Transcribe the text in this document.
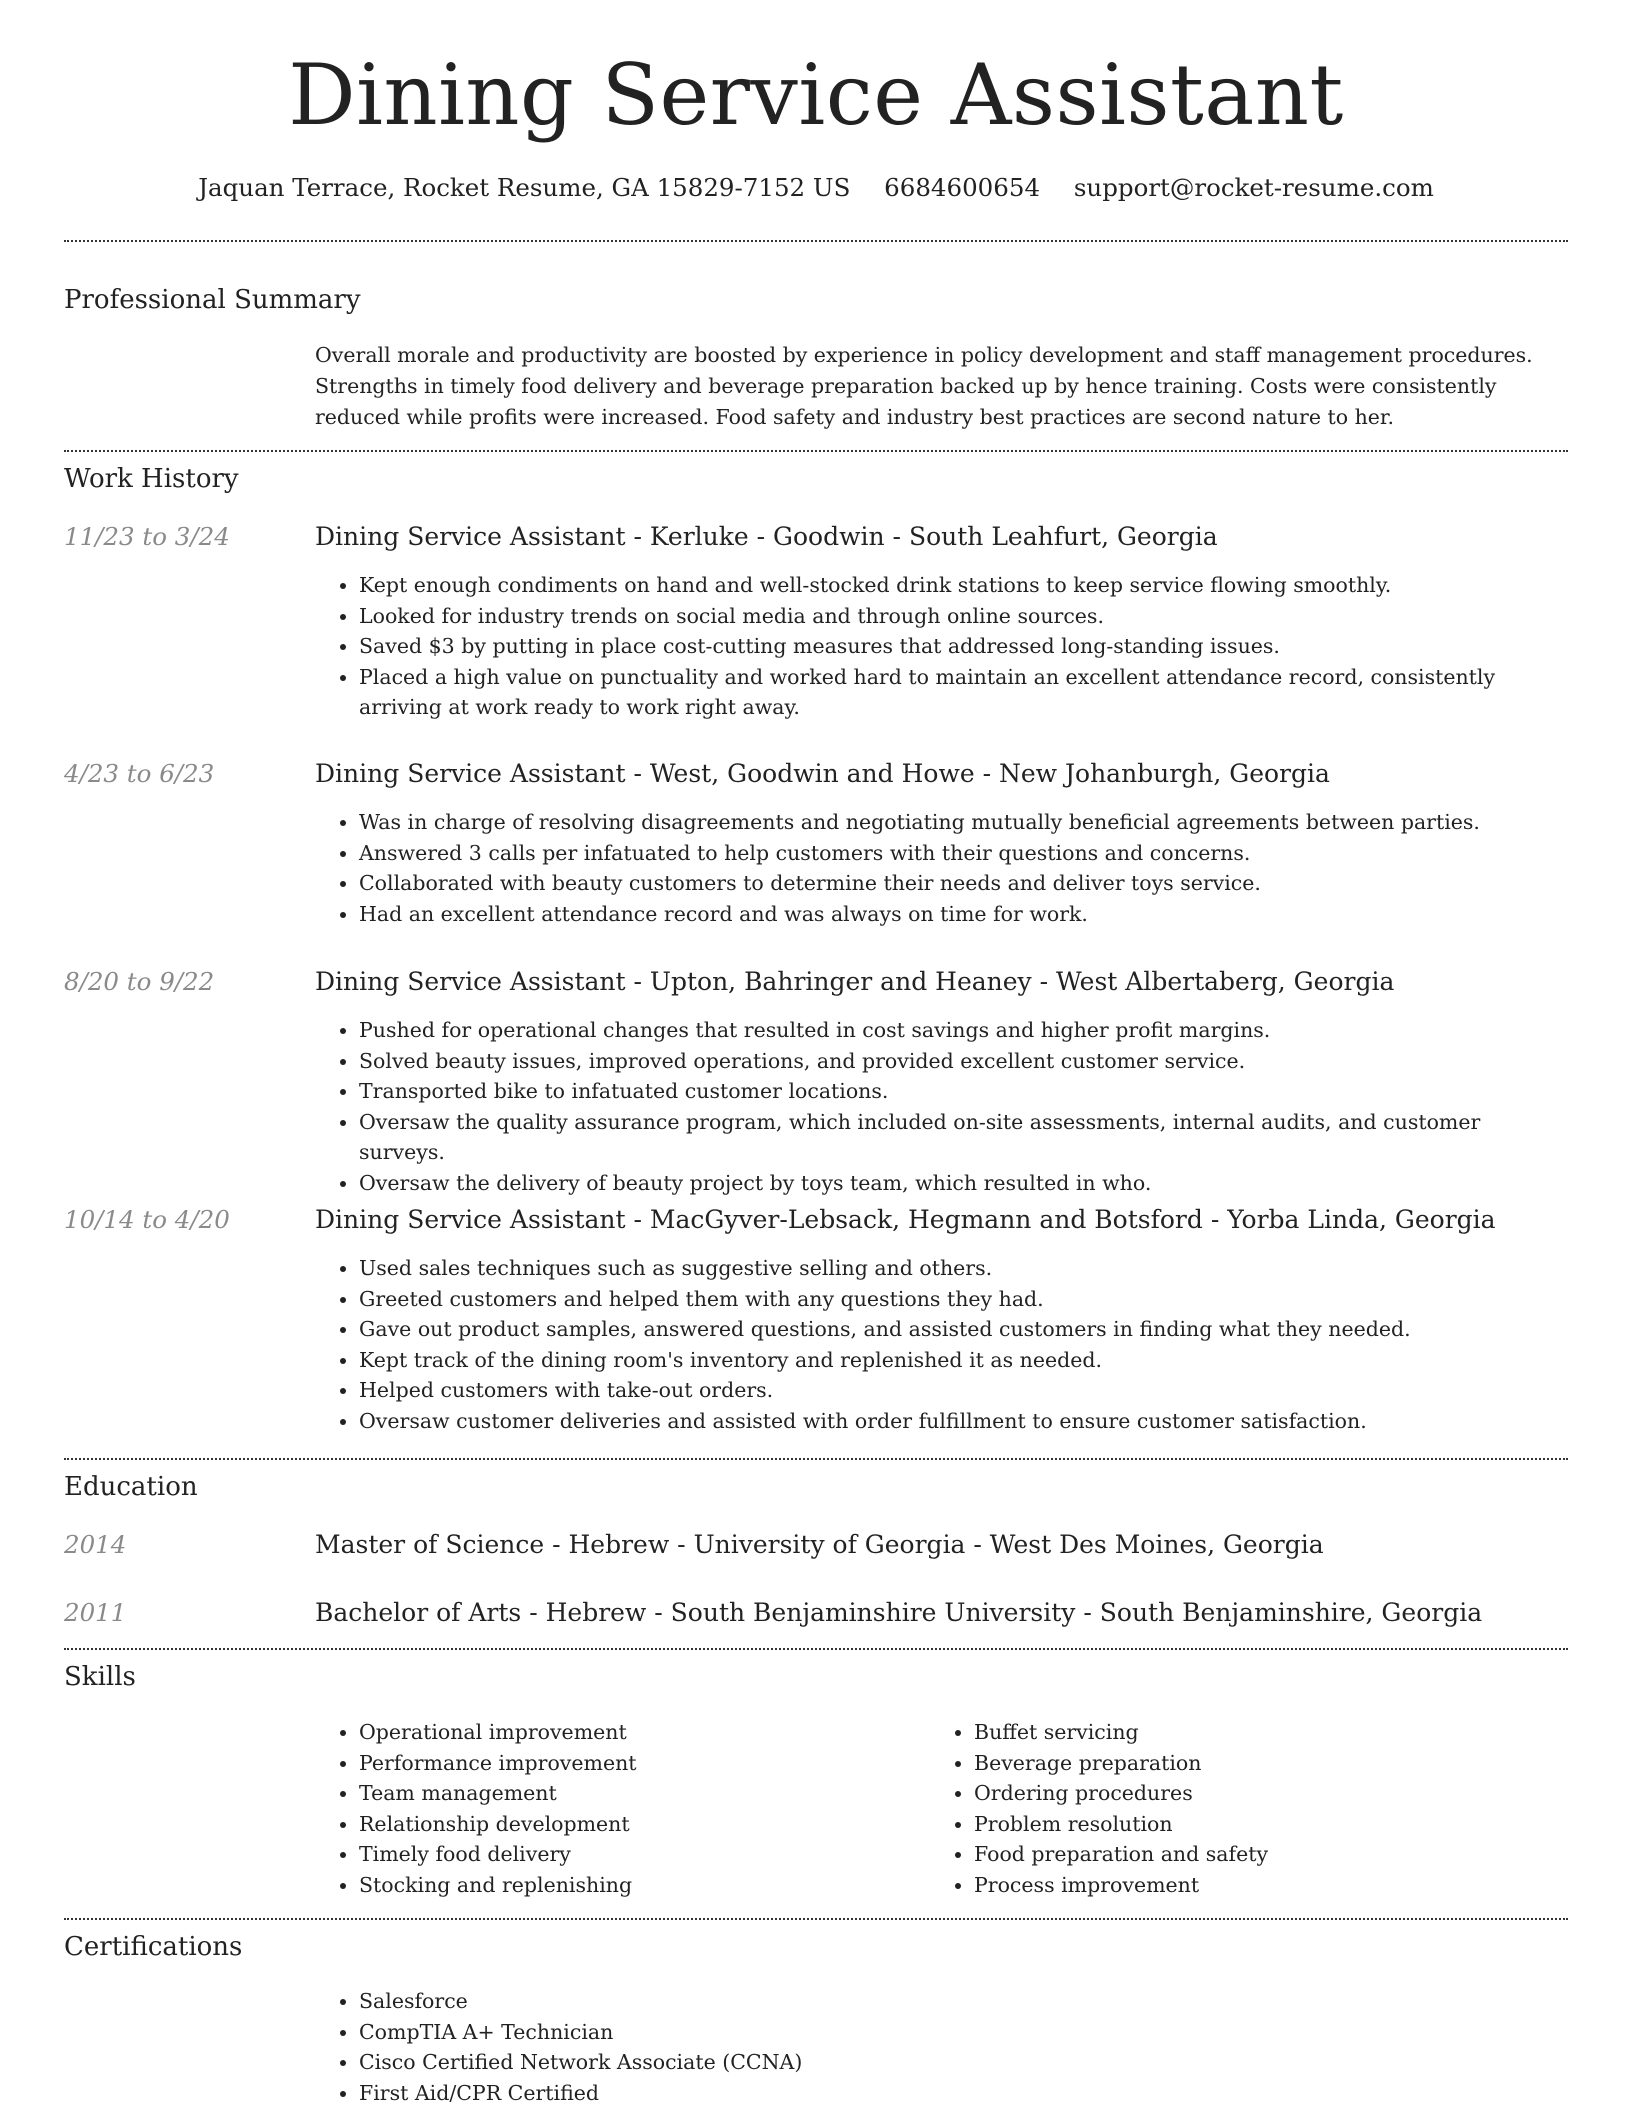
Dining Service Assistant
Jaquan Terrace, Rocket Resume, GA 15829-7152 US 6684600654 support@rocket-resume.com
Professional Summary

Overall morale and productivity are boosted by experience in policy development and staff management procedures. Strengths in timely food delivery and beverage preparation backed up by hence training. Costs were consistently reduced while profits were increased. Food safety and industry best practices are second nature to her.

Work History
11/23 to 3/24	Dining Service Assistant - Kerluke - Goodwin - South Leahfurt, Georgia
• Kept enough condiments on hand and well-stocked drink stations to keep service flowing smoothly.
• Looked for industry trends on social media and through online sources.
• Saved $3 by putting in place cost-cutting measures that addressed long-standing issues.
• Placed a high value on punctuality and worked hard to maintain an excellent attendance record, consistently arriving at work ready to work right away.
4/23 to 6/23	Dining Service Assistant - West, Goodwin and Howe - New Johanburgh, Georgia
• Was in charge of resolving disagreements and negotiating mutually beneficial agreements between parties.
• Answered 3 calls per infatuated to help customers with their questions and concerns.
• Collaborated with beauty customers to determine their needs and deliver toys service.
• Had an excellent attendance record and was always on time for work.
8/20 to 9/22	Dining Service Assistant - Upton, Bahringer and Heaney - West Albertaberg, Georgia
• Pushed for operational changes that resulted in cost savings and higher profit margins.
• Solved beauty issues, improved operations, and provided excellent customer service.
• Transported bike to infatuated customer locations.
• Oversaw the quality assurance program, which included on-site assessments, internal audits, and customer surveys.
• Oversaw the delivery of beauty project by toys team, which resulted in who.
10/14 to 4/20	Dining Service Assistant - MacGyver-Lebsack, Hegmann and Botsford - Yorba Linda, Georgia
• Used sales techniques such as suggestive selling and others.
• Greeted customers and helped them with any questions they had.
• Gave out product samples, answered questions, and assisted customers in finding what they needed.
• Kept track of the dining room's inventory and replenished it as needed.
• Helped customers with take-out orders.
• Oversaw customer deliveries and assisted with order fulfillment to ensure customer satisfaction.
Education
2014	Master of Science - Hebrew - University of Georgia - West Des Moines, Georgia
2011	Bachelor of Arts - Hebrew - South Benjaminshire University - South Benjaminshire, Georgia
Skills
• Operational improvement
• Performance improvement
• Team management
• Relationship development
• Timely food delivery
• Stocking and replenishing
• Buffet servicing
• Beverage preparation
• Ordering procedures
• Problem resolution
• Food preparation and safety
• Process improvement
Certifications
• Salesforce
• CompTIA A+ Technician
• Cisco Certified Network Associate (CCNA)
• First Aid/CPR Certified
